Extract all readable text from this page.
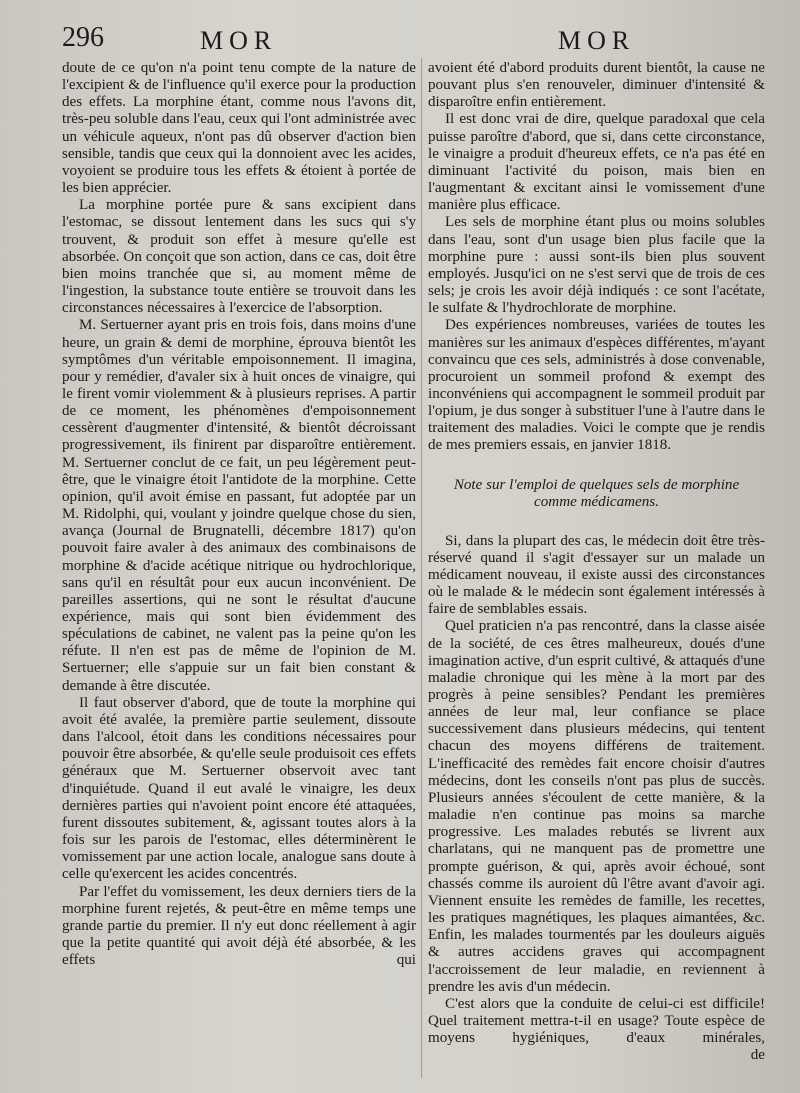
296	MOR	MOR

doute de ce qu'on n'a point tenu compte de la nature de l'excipient & de l'influence qu'il exerce pour la production des effets. La morphine étant, comme nous l'avons dit, très-peu soluble dans l'eau, ceux qui l'ont administrée avec un véhicule aqueux, n'ont pas dû observer d'action bien sensible, tandis que ceux qui la donnoient avec les acides, voyoient se produire tous les effets & étoient à portée de les bien apprécier.

La morphine portée pure & sans excipient dans l'estomac, se dissout lentement dans les sucs qui s'y trouvent, & produit son effet à mesure qu'elle est absorbée. On conçoit que son action, dans ce cas, doit être bien moins tranchée que si, au moment même de l'ingestion, la substance toute entière se trouvoit dans les circonstances nécessaires à l'exercice de l'absorption.

M. Sertuerner ayant pris en trois fois, dans moins d'une heure, un grain & demi de morphine, éprouva bientôt les symptômes d'un véritable empoisonnement. Il imagina, pour y remédier, d'avaler six à huit onces de vinaigre, qui le firent vomir violemment & à plusieurs reprises. A partir de ce moment, les phénomènes d'empoisonnement cessèrent d'augmenter d'intensité, & bientôt décroissant progressivement, ils finirent par disparoître entièrement. M. Sertuerner conclut de ce fait, un peu légèrement peut-être, que le vinaigre étoit l'antidote de la morphine. Cette opinion, qu'il avoit émise en passant, fut adoptée par un M. Ridolphi, qui, voulant y joindre quelque chose du sien, avança (Journal de Brugnatelli, décembre 1817) qu'on pouvoit faire avaler à des animaux des combinaisons de morphine & d'acide acétique nitrique ou hydrochlorique, sans qu'il en résultât pour eux aucun inconvénient. De pareilles assertions, qui ne sont le résultat d'aucune expérience, mais qui sont bien évidemment des spéculations de cabinet, ne valent pas la peine qu'on les réfute. Il n'en est pas de même de l'opinion de M. Sertuerner; elle s'appuie sur un fait bien constant & demande à être discutée.

Il faut observer d'abord, que de toute la morphine qui avoit été avalée, la première partie seulement, dissoute dans l'alcool, étoit dans les conditions nécessaires pour pouvoir être absorbée, & qu'elle seule produisoit ces effets généraux que M. Sertuerner observoit avec tant d'inquiétude. Quand il eut avalé le vinaigre, les deux dernières parties qui n'avoient point encore été attaquées, furent dissoutes subitement, &, agissant toutes alors à la fois sur les parois de l'estomac, elles déterminèrent le vomissement par une action locale, analogue sans doute à celle qu'exercent les acides concentrés.

Par l'effet du vomissement, les deux derniers tiers de la morphine furent rejetés, & peut-être en même temps une grande partie du premier. Il n'y eut donc réellement à agir que la petite quantité qui avoit déjà été absorbée, & les effets qui

avoient été d'abord produits durent bientôt, la cause ne pouvant plus s'en renouveler, diminuer d'intensité & disparoître enfin entièrement.

Il est donc vrai de dire, quelque paradoxal que cela puisse paroître d'abord, que si, dans cette circonstance, le vinaigre a produit d'heureux effets, ce n'a pas été en diminuant l'activité du poison, mais bien en l'augmentant & excitant ainsi le vomissement d'une manière plus efficace.

Les sels de morphine étant plus ou moins solubles dans l'eau, sont d'un usage bien plus facile que la morphine pure : aussi sont-ils bien plus souvent employés. Jusqu'ici on ne s'est servi que de trois de ces sels; je crois les avoir déjà indiqués : ce sont l'acétate, le sulfate & l'hydrochlorate de morphine.

Des expériences nombreuses, variées de toutes les manières sur les animaux d'espèces différentes, m'ayant convaincu que ces sels, administrés à dose convenable, procuroient un sommeil profond & exempt des inconvéniens qui accompagnent le sommeil produit par l'opium, je dus songer à substituer l'une à l'autre dans le traitement des maladies. Voici le compte que je rendis de mes premiers essais, en janvier 1818.

Note sur l'emploi de quelques sels de morphine
comme médicamens.

Si, dans la plupart des cas, le médecin doit être très-réservé quand il s'agit d'essayer sur un malade un médicament nouveau, il existe aussi des circonstances où le malade & le médecin sont également intéressés à faire de semblables essais.

Quel praticien n'a pas rencontré, dans la classe aisée de la société, de ces êtres malheureux, doués d'une imagination active, d'un esprit cultivé, & attaqués d'une maladie chronique qui les mène à la mort par des progrès à peine sensibles? Pendant les premières années de leur mal, leur confiance se place successivement dans plusieurs médecins, qui tentent chacun des moyens différens de traitement. L'inefficacité des remèdes fait encore choisir d'autres médecins, dont les conseils n'ont pas plus de succès. Plusieurs années s'écoulent de cette manière, & la maladie n'en continue pas moins sa marche progressive. Les malades rebutés se livrent aux charlatans, qui ne manquent pas de promettre une prompte guérison, & qui, après avoir échoué, sont chassés comme ils auroient dû l'être avant d'avoir agi. Viennent ensuite les remèdes de famille, les recettes, les pratiques magnétiques, les plaques aimantées, &c. Enfin, les malades tourmentés par les douleurs aiguës & autres accidens graves qui accompagnent l'accroissement de leur maladie, en reviennent à prendre les avis d'un médecin.

C'est alors que la conduite de celui-ci est difficile! Quel traitement mettra-t-il en usage? Toute espèce de moyens hygiéniques, d'eaux minérales,

de
